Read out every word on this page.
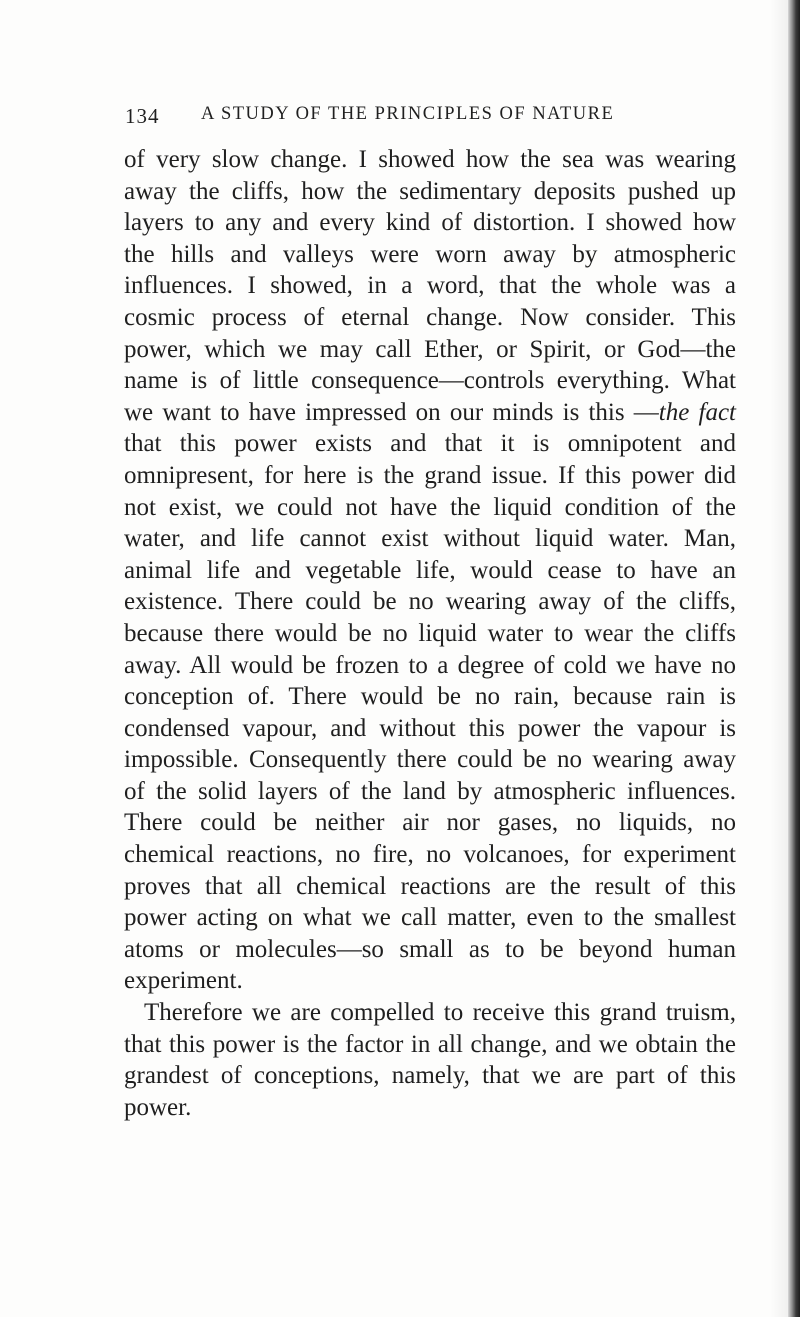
134 A STUDY OF THE PRINCIPLES OF NATURE

of very slow change. I showed how the sea was wearing away the cliffs, how the sedimentary deposits pushed up layers to any and every kind of distortion. I showed how the hills and valleys were worn away by atmospheric influences. I showed, in a word, that the whole was a cosmic process of eternal change. Now consider. This power, which we may call Ether, or Spirit, or God—the name is of little consequence—controls everything. What we want to have impressed on our minds is this —the fact that this power exists and that it is omnipotent and omnipresent, for here is the grand issue. If this power did not exist, we could not have the liquid condition of the water, and life cannot exist without liquid water. Man, animal life and vegetable life, would cease to have an existence. There could be no wearing away of the cliffs, because there would be no liquid water to wear the cliffs away. All would be frozen to a degree of cold we have no conception of. There would be no rain, because rain is condensed vapour, and without this power the vapour is impossible. Consequently there could be no wearing away of the solid layers of the land by atmospheric influences. There could be neither air nor gases, no liquids, no chemical reactions, no fire, no volcanoes, for experiment proves that all chemical reactions are the result of this power acting on what we call matter, even to the smallest atoms or molecules—so small as to be beyond human experiment.

Therefore we are compelled to receive this grand truism, that this power is the factor in all change, and we obtain the grandest of conceptions, namely, that we are part of this power.
